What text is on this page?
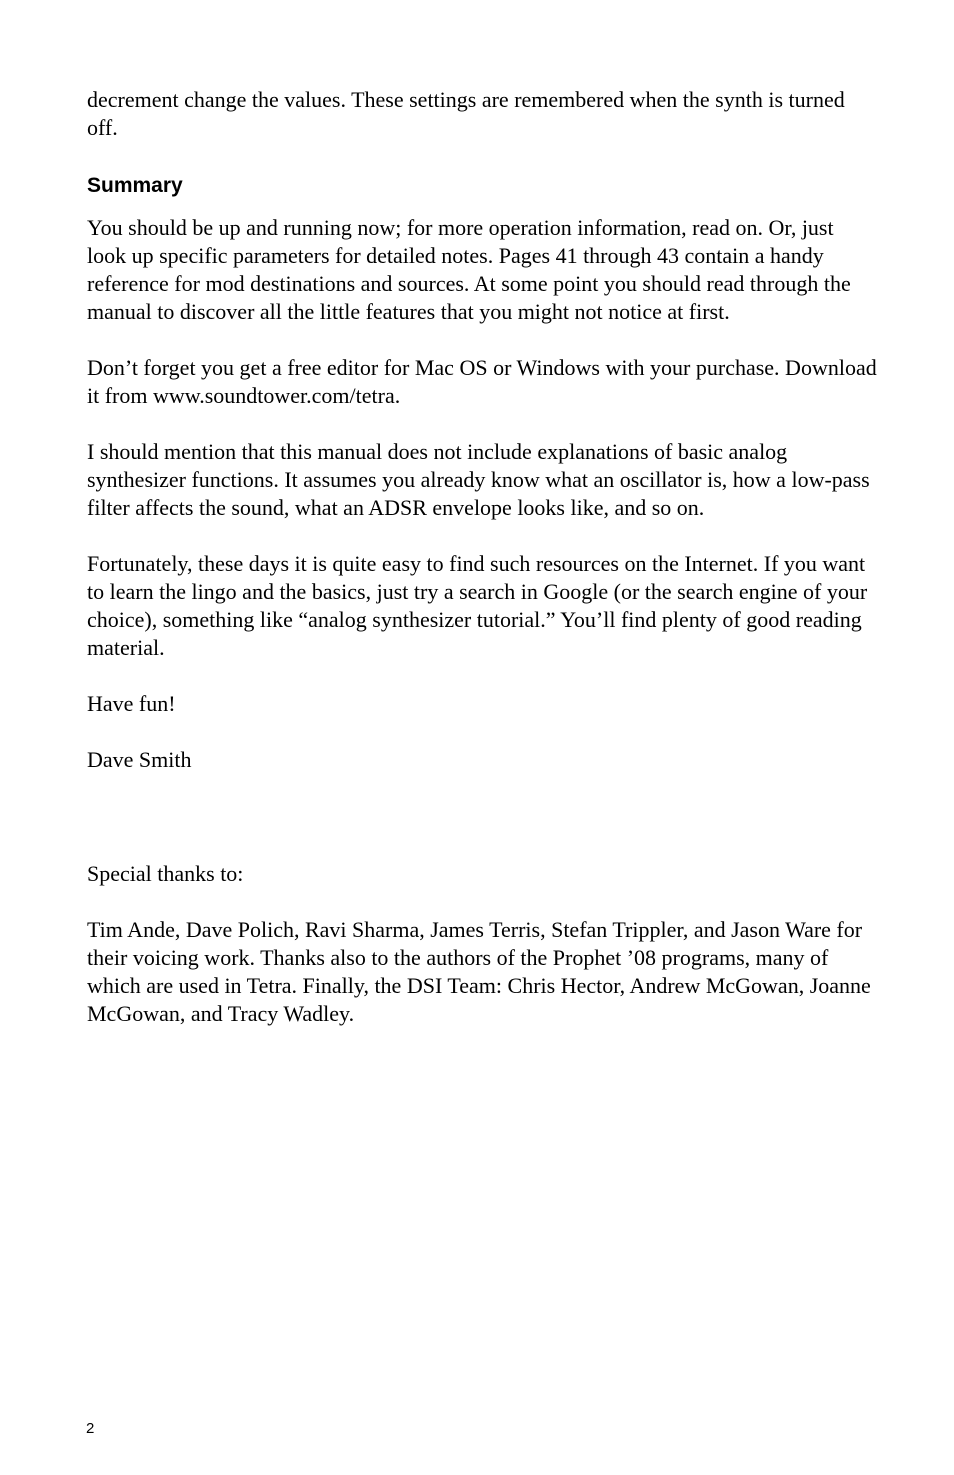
decrement change the values. These settings are remembered when the synth is turned off.

Summary

You should be up and running now; for more operation information, read on. Or, just look up specific parameters for detailed notes. Pages 41 through 43 contain a handy reference for mod destinations and sources. At some point you should read through the manual to discover all the little features that you might not notice at first.

Don’t forget you get a free editor for Mac OS or Windows with your purchase. Download it from www.soundtower.com/tetra.

I should mention that this manual does not include explanations of basic analog synthesizer functions. It assumes you already know what an oscillator is, how a low-pass filter affects the sound, what an ADSR envelope looks like, and so on.

Fortunately, these days it is quite easy to find such resources on the Internet. If you want to learn the lingo and the basics, just try a search in Google (or the search engine of your choice), something like “analog synthesizer tutorial.” You’ll find plenty of good reading material.

Have fun!

Dave Smith

Special thanks to:

Tim Ande, Dave Polich, Ravi Sharma, James Terris, Stefan Trippler, and Jason Ware for their voicing work. Thanks also to the authors of the Prophet ’08 programs, many of which are used in Tetra. Finally, the DSI Team: Chris Hector, Andrew McGowan, Joanne McGowan, and Tracy Wadley.

2
